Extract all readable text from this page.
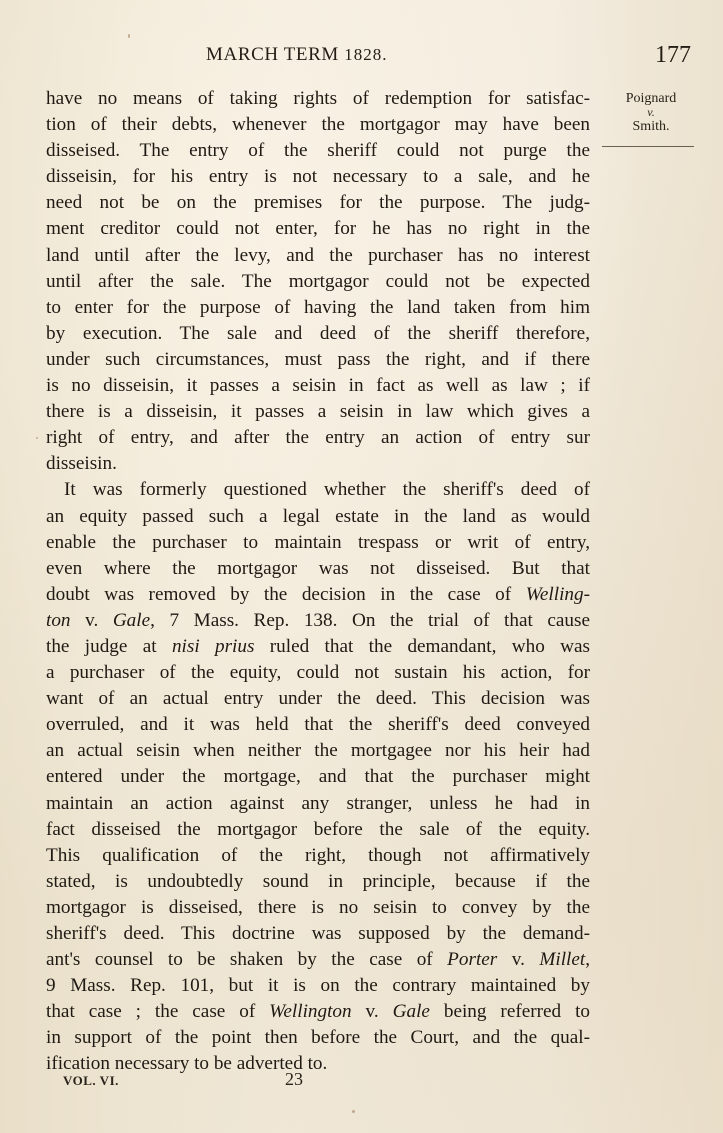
MARCH TERM 1828.	177
Poignard
v.
Smith.

have no means of taking rights of redemption for satisfac-
tion of their debts, whenever the mortgagor may have been
disseised. The entry of the sheriff could not purge the
disseisin, for his entry is not necessary to a sale, and he
need not be on the premises for the purpose. The judg-
ment creditor could not enter, for he has no right in the
land until after the levy, and the purchaser has no interest
until after the sale. The mortgagor could not be expected
to enter for the purpose of having the land taken from him
by execution. The sale and deed of the sheriff therefore,
under such circumstances, must pass the right, and if there
is no disseisin, it passes a seisin in fact as well as law ; if
there is a disseisin, it passes a seisin in law which gives a
right of entry, and after the entry an action of entry sur
disseisin.

It was formerly questioned whether the sheriff's deed of
an equity passed such a legal estate in the land as would
enable the purchaser to maintain trespass or writ of entry,
even where the mortgagor was not disseised. But that
doubt was removed by the decision in the case of Welling-
ton v. Gale, 7 Mass. Rep. 138. On the trial of that cause
the judge at nisi prius ruled that the demandant, who was
a purchaser of the equity, could not sustain his action, for
want of an actual entry under the deed. This decision was
overruled, and it was held that the sheriff's deed conveyed
an actual seisin when neither the mortgagee nor his heir had
entered under the mortgage, and that the purchaser might
maintain an action against any stranger, unless he had in
fact disseised the mortgagor before the sale of the equity.
This qualification of the right, though not affirmatively
stated, is undoubtedly sound in principle, because if the
mortgagor is disseised, there is no seisin to convey by the
sheriff's deed. This doctrine was supposed by the demand-
ant's counsel to be shaken by the case of Porter v. Millet,
9 Mass. Rep. 101, but it is on the contrary maintained by
that case ; the case of Wellington v. Gale being referred to
in support of the point then before the Court, and the qual-
ification necessary to be adverted to.

VOL. VI.	23
